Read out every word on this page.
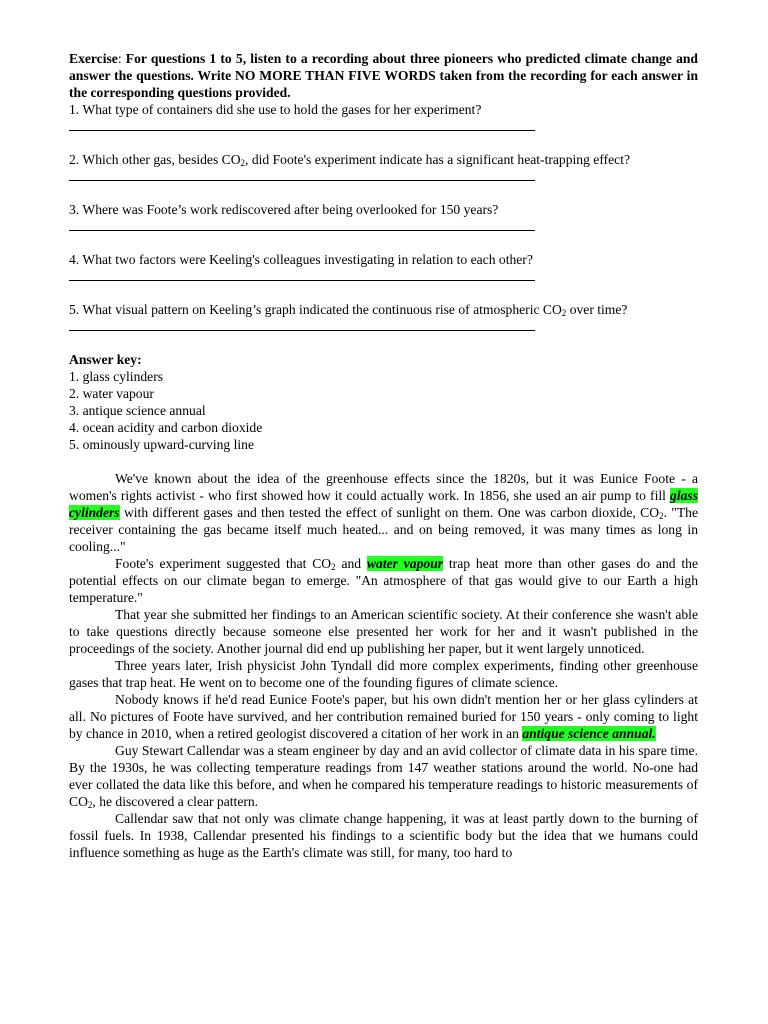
Exercise: For questions 1 to 5, listen to a recording about three pioneers who predicted climate change and answer the questions. Write NO MORE THAN FIVE WORDS taken from the recording for each answer in the corresponding questions provided.

1. What type of containers did she use to hold the gases for her experiment?

2. Which other gas, besides $CO_2$, did Foote's experiment indicate has a significant heat-trapping effect?

3. Where was Foote’s work rediscovered after being overlooked for 150 years?

4. What two factors were Keeling's colleagues investigating in relation to each other?

5. What visual pattern on Keeling’s graph indicated the continuous rise of atmospheric $CO_2$ over time?

Answer key:

1. glass cylinders
2. water vapour
3. antique science annual
4. ocean acidity and carbon dioxide
5. ominously upward-curving line

We've known about the idea of the greenhouse effects since the 1820s, but it was Eunice Foote - a women's rights activist - who first showed how it could actually work. In 1856, she used an air pump to fill glass cylinders with different gases and then tested the effect of sunlight on them. One was carbon dioxide, $CO_2$. "The receiver containing the gas became itself much heated... and on being removed, it was many times as long in cooling..."

Foote's experiment suggested that $CO_2$ and water vapour trap heat more than other gases do and the potential effects on our climate began to emerge. "An atmosphere of that gas would give to our Earth a high temperature."

That year she submitted her findings to an American scientific society. At their conference she wasn't able to take questions directly because someone else presented her work for her and it wasn't published in the proceedings of the society. Another journal did end up publishing her paper, but it went largely unnoticed.

Three years later, Irish physicist John Tyndall did more complex experiments, finding other greenhouse gases that trap heat. He went on to become one of the founding figures of climate science.

Nobody knows if he'd read Eunice Foote's paper, but his own didn't mention her or her glass cylinders at all. No pictures of Foote have survived, and her contribution remained buried for 150 years - only coming to light by chance in 2010, when a retired geologist discovered a citation of her work in an antique science annual.

Guy Stewart Callendar was a steam engineer by day and an avid collector of climate data in his spare time. By the 1930s, he was collecting temperature readings from 147 weather stations around the world. No-one had ever collated the data like this before, and when he compared his temperature readings to historic measurements of $CO_2$, he discovered a clear pattern.

Callendar saw that not only was climate change happening, it was at least partly down to the burning of fossil fuels. In 1938, Callendar presented his findings to a scientific body but the idea that we humans could influence something as huge as the Earth's climate was still, for many, too hard to
